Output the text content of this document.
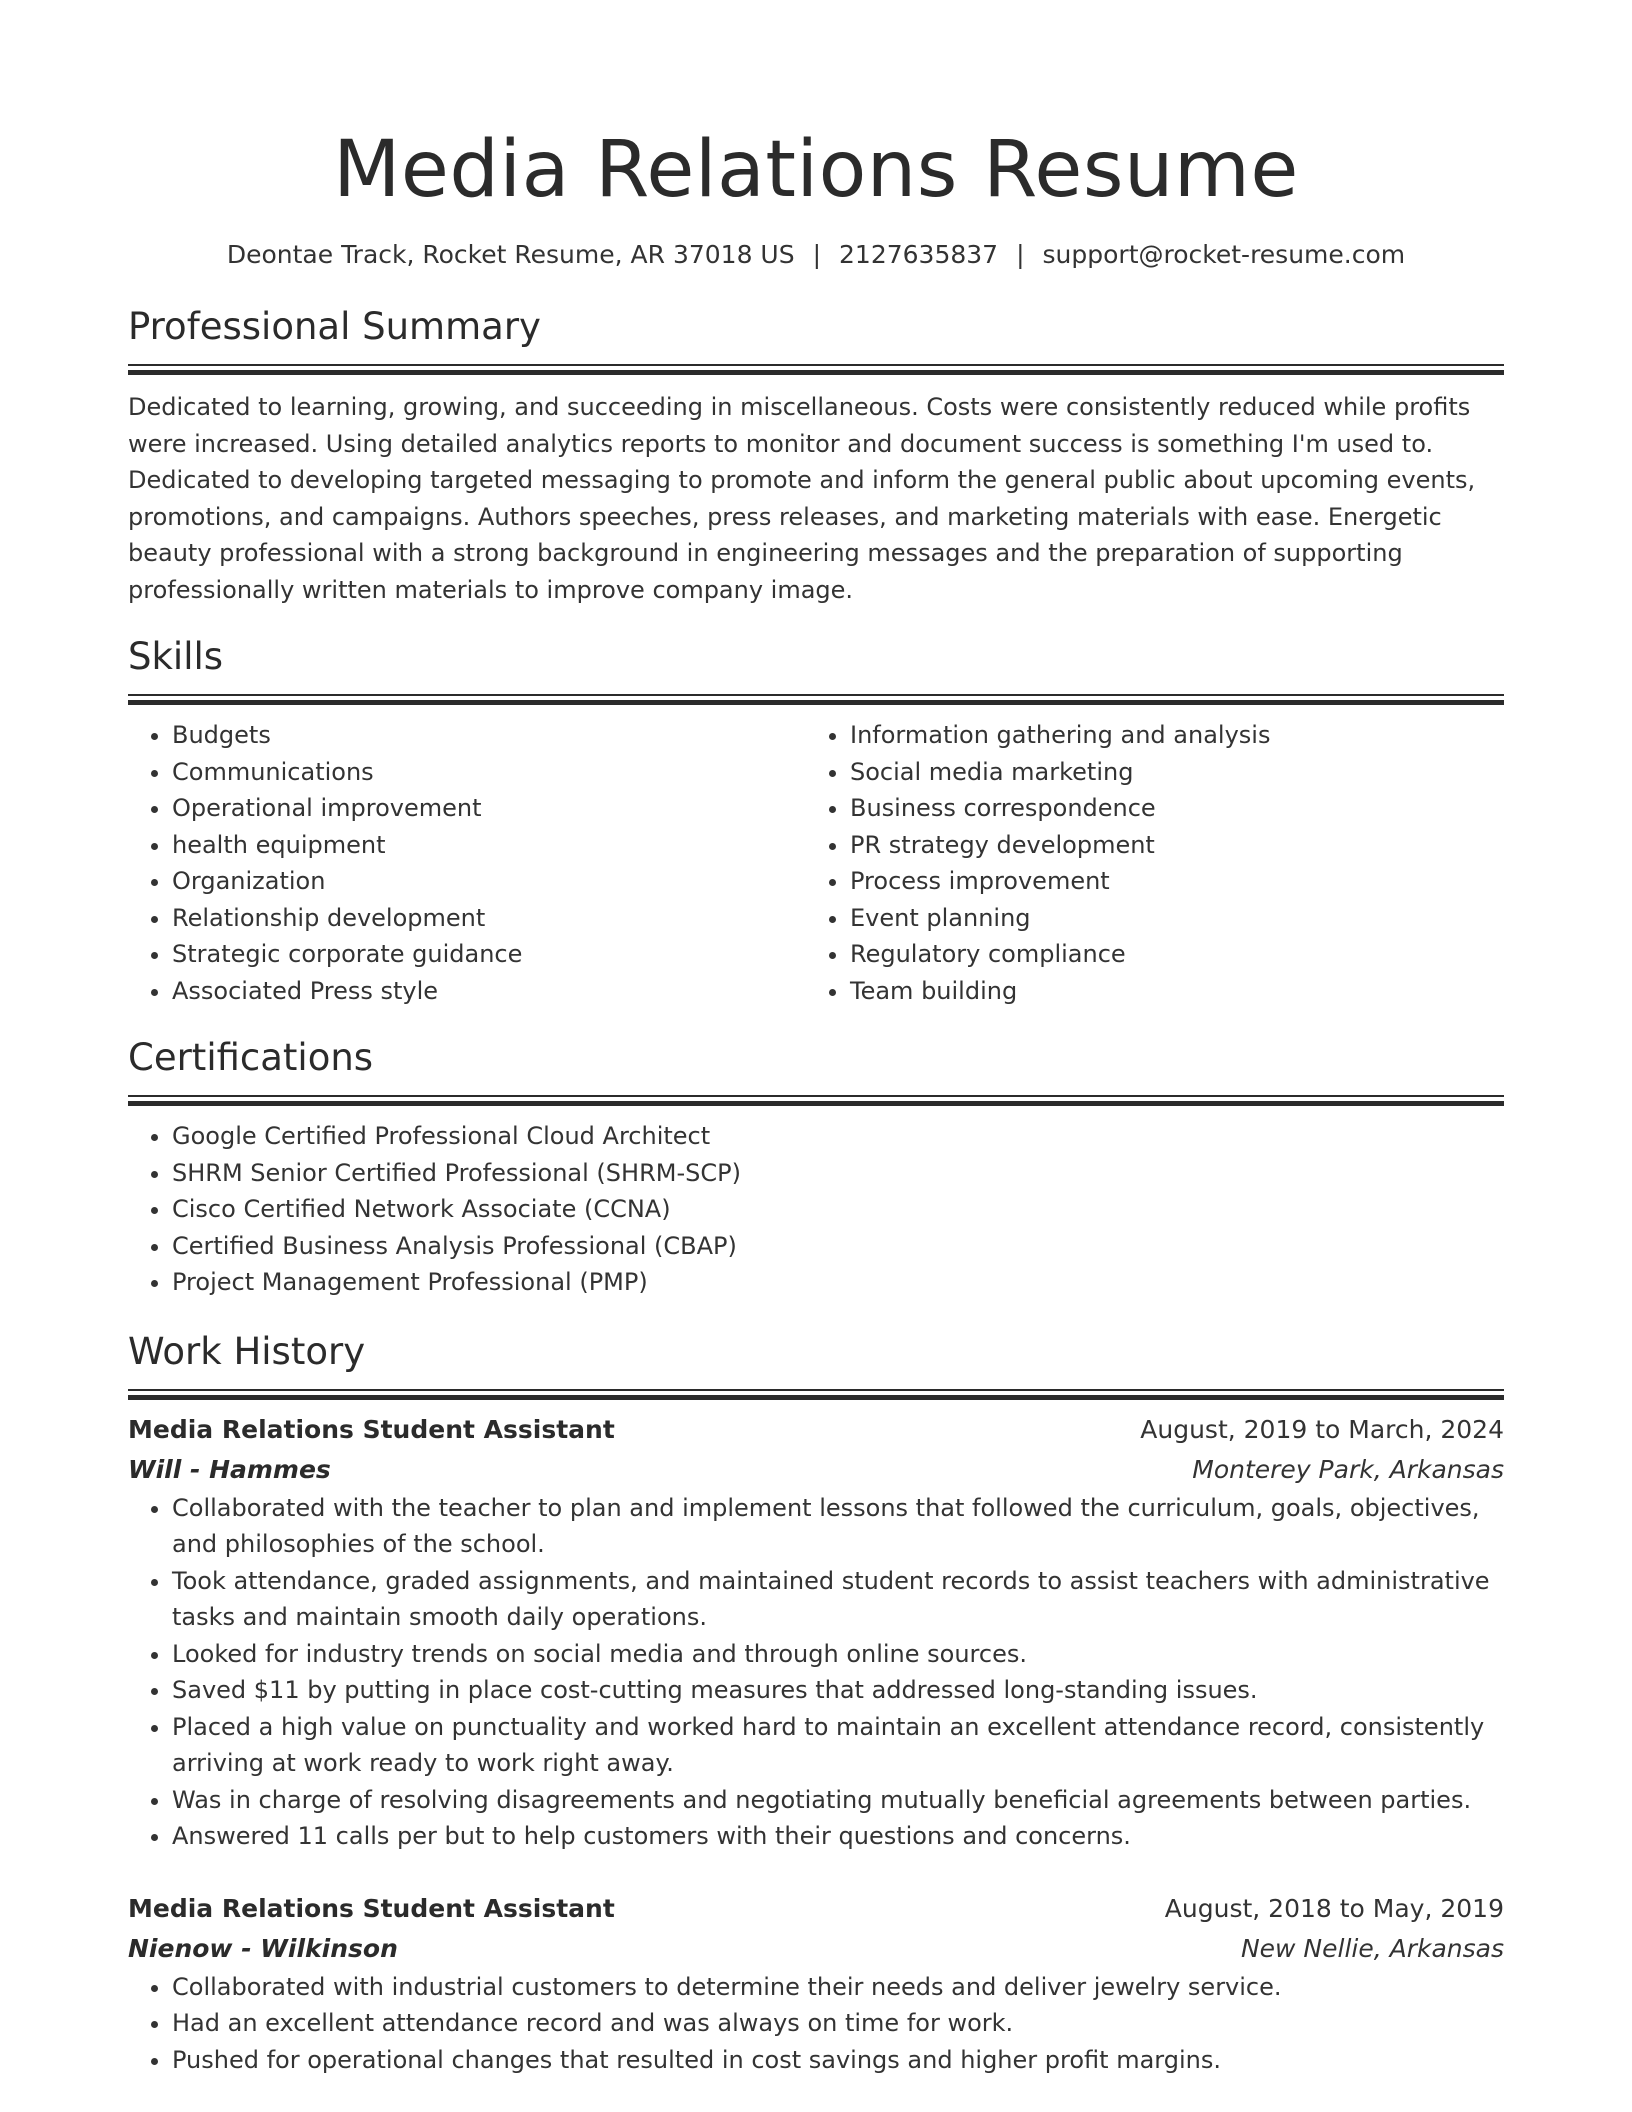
Media Relations Resume
Deontae Track, Rocket Resume, AR 37018 US | 2127635837 | support@rocket-resume.com
Professional Summary

Dedicated to learning, growing, and succeeding in miscellaneous. Costs were consistently reduced while profits were increased. Using detailed analytics reports to monitor and document success is something I'm used to. Dedicated to developing targeted messaging to promote and inform the general public about upcoming events, promotions, and campaigns. Authors speeches, press releases, and marketing materials with ease. Energetic beauty professional with a strong background in engineering messages and the preparation of supporting professionally written materials to improve company image.

Skills
• Budgets
• Communications
• Operational improvement
• health equipment
• Organization
• Relationship development
• Strategic corporate guidance
• Associated Press style
• Information gathering and analysis
• Social media marketing
• Business correspondence
• PR strategy development
• Process improvement
• Event planning
• Regulatory compliance
• Team building
Certifications
• Google Certified Professional Cloud Architect
• SHRM Senior Certified Professional (SHRM-SCP)
• Cisco Certified Network Associate (CCNA)
• Certified Business Analysis Professional (CBAP)
• Project Management Professional (PMP)
Work History
Media Relations Student Assistant	August, 2019 to March, 2024
Will - Hammes	Monterey Park, Arkansas
• Collaborated with the teacher to plan and implement lessons that followed the curriculum, goals, objectives, and philosophies of the school.
• Took attendance, graded assignments, and maintained student records to assist teachers with administrative tasks and maintain smooth daily operations.
• Looked for industry trends on social media and through online sources.
• Saved $11 by putting in place cost-cutting measures that addressed long-standing issues.
• Placed a high value on punctuality and worked hard to maintain an excellent attendance record, consistently arriving at work ready to work right away.
• Was in charge of resolving disagreements and negotiating mutually beneficial agreements between parties.
• Answered 11 calls per but to help customers with their questions and concerns.
Media Relations Student Assistant	August, 2018 to May, 2019
Nienow - Wilkinson	New Nellie, Arkansas
• Collaborated with industrial customers to determine their needs and deliver jewelry service.
• Had an excellent attendance record and was always on time for work.
• Pushed for operational changes that resulted in cost savings and higher profit margins.
